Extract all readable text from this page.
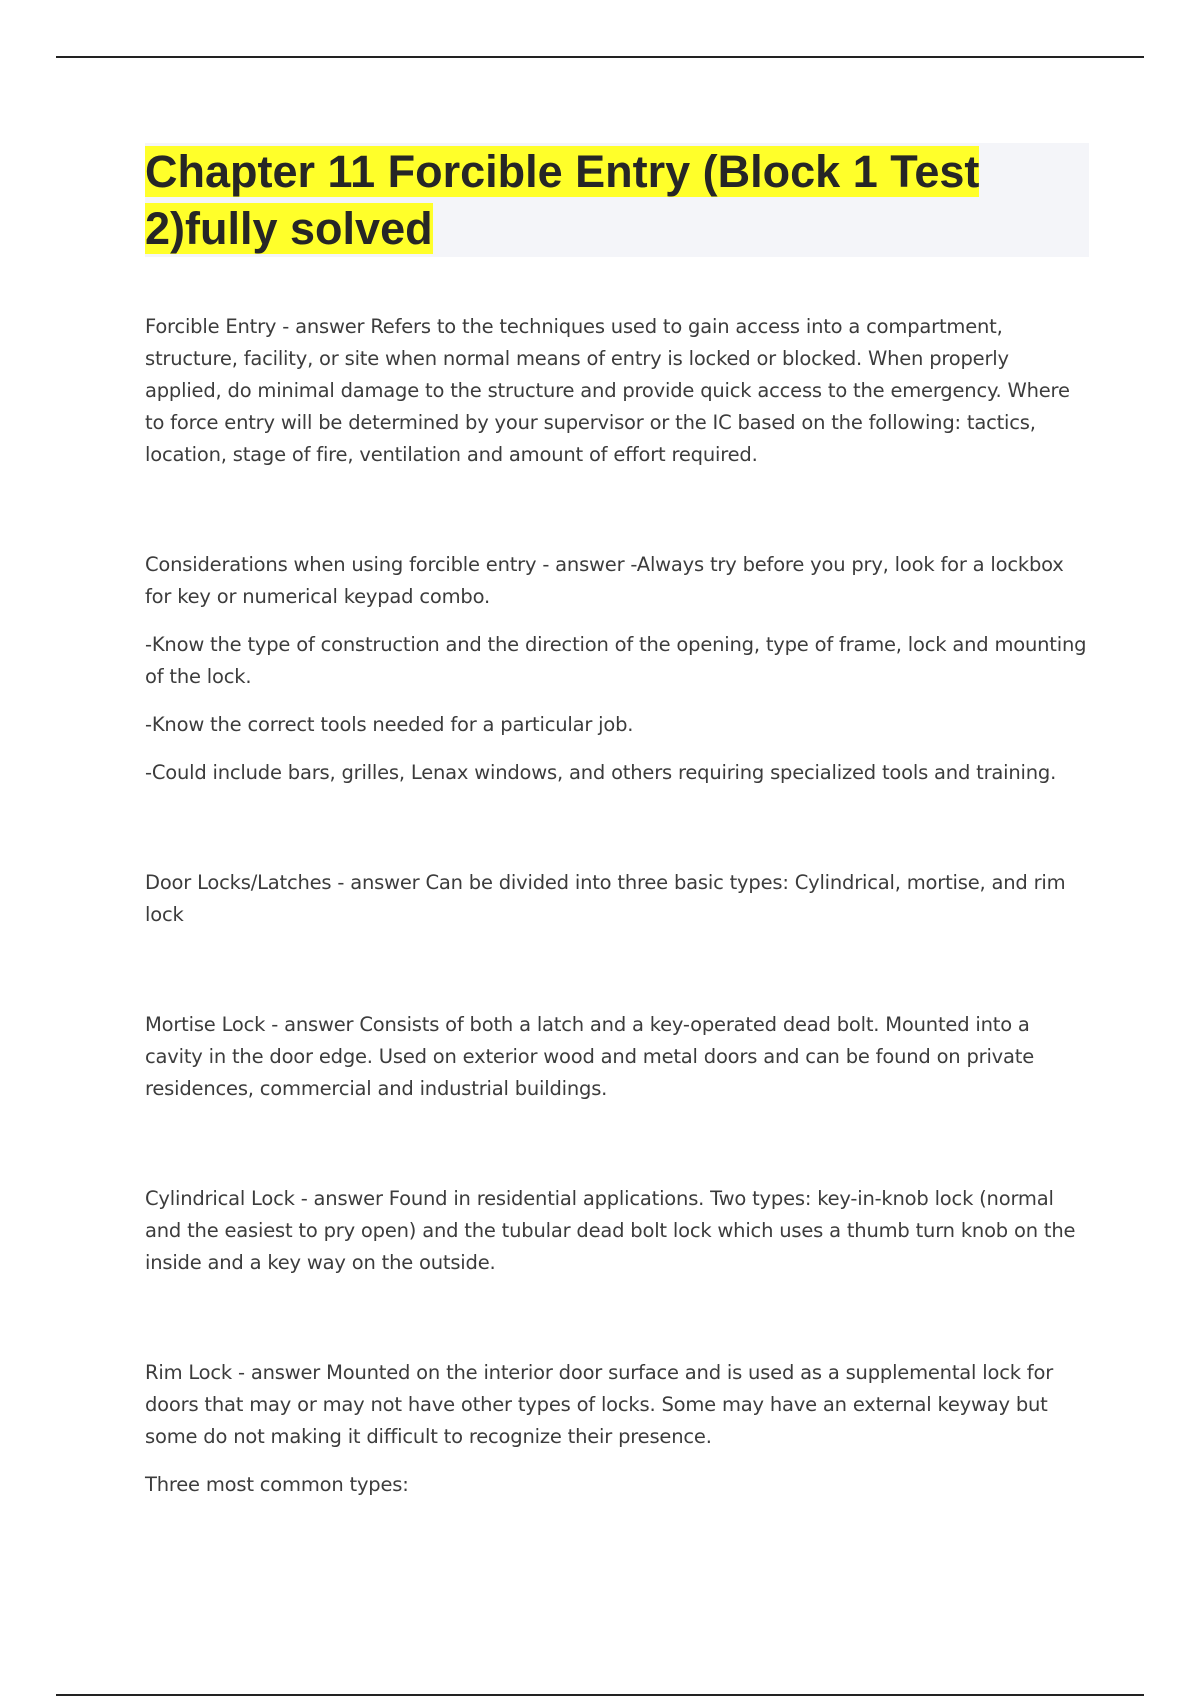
Chapter 11 Forcible Entry (Block 1 Test 2)fully solved

Forcible Entry - answer Refers to the techniques used to gain access into a compartment, structure, facility, or site when normal means of entry is locked or blocked. When properly applied, do minimal damage to the structure and provide quick access to the emergency. Where to force entry will be determined by your supervisor or the IC based on the following: tactics, location, stage of fire, ventilation and amount of effort required.

Considerations when using forcible entry - answer -Always try before you pry, look for a lockbox for key or numerical keypad combo.

-Know the type of construction and the direction of the opening, type of frame, lock and mounting of the lock.

-Know the correct tools needed for a particular job.

-Could include bars, grilles, Lenax windows, and others requiring specialized tools and training.

Door Locks/Latches - answer Can be divided into three basic types: Cylindrical, mortise, and rim lock

Mortise Lock - answer Consists of both a latch and a key-operated dead bolt. Mounted into a cavity in the door edge. Used on exterior wood and metal doors and can be found on private residences, commercial and industrial buildings.

Cylindrical Lock - answer Found in residential applications. Two types: key-in-knob lock (normal and the easiest to pry open) and the tubular dead bolt lock which uses a thumb turn knob on the inside and a key way on the outside.

Rim Lock - answer Mounted on the interior door surface and is used as a supplemental lock for doors that may or may not have other types of locks. Some may have an external keyway but some do not making it difficult to recognize their presence.

Three most common types:
